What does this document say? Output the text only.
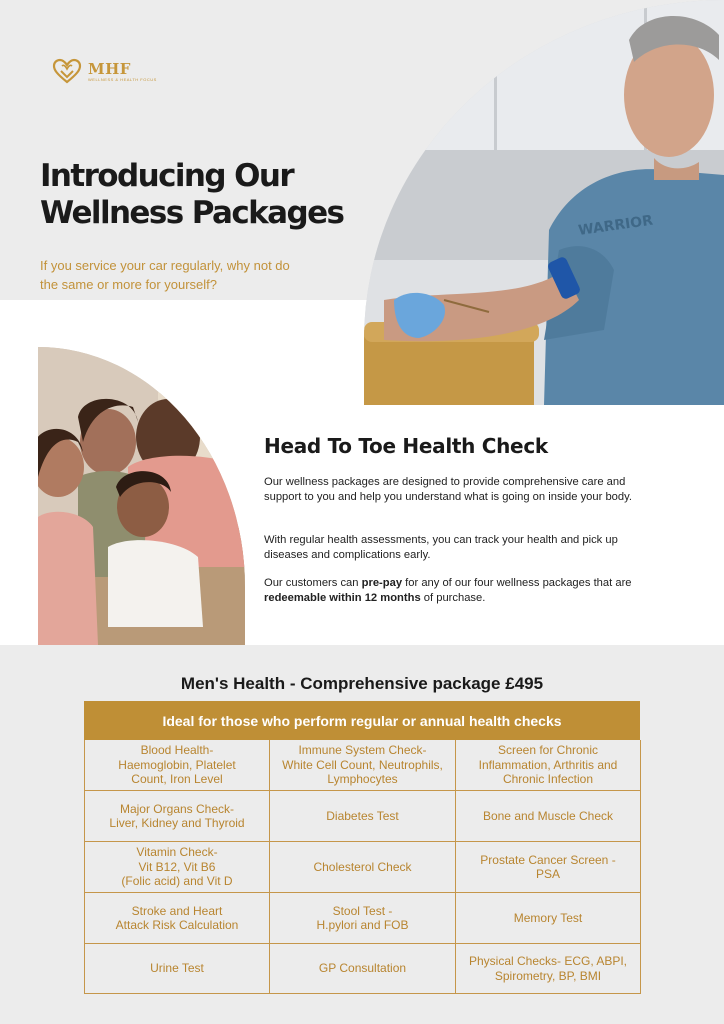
MHF
WELLNESS & HEALTH FOCUS
Introducing Our
Wellness Packages

If you service your car regularly, why not do the same or more for yourself?

WARRIOR
Head To Toe Health Check

Our wellness packages are designed to provide comprehensive care and support to you and help you understand what is going on inside your body.

With regular health assessments, you can track your health and pick up diseases and complications early.

Our customers can pre-pay for any of our four wellness packages that are redeemable within 12 months of purchase.

Men's Health - Comprehensive package £495
Ideal for those who perform regular or annual health checks
Blood Health-
Haemoglobin, Platelet
Count, Iron Level
Immune System Check-
White Cell Count, Neutrophils,
Lymphocytes
Screen for Chronic
Inflammation, Arthritis and
Chronic Infection
Major Organs Check-
Liver, Kidney and Thyroid
Diabetes Test	Bone and Muscle Check
Vitamin Check-
Vit B12, Vit B6
(Folic acid) and Vit D
Cholesterol Check
Prostate Cancer Screen -
PSA
Stroke and Heart
Attack Risk Calculation
Stool Test -
H.pylori and FOB
Memory Test
Urine Test	GP Consultation
Physical Checks- ECG, ABPI,
Spirometry, BP, BMI
